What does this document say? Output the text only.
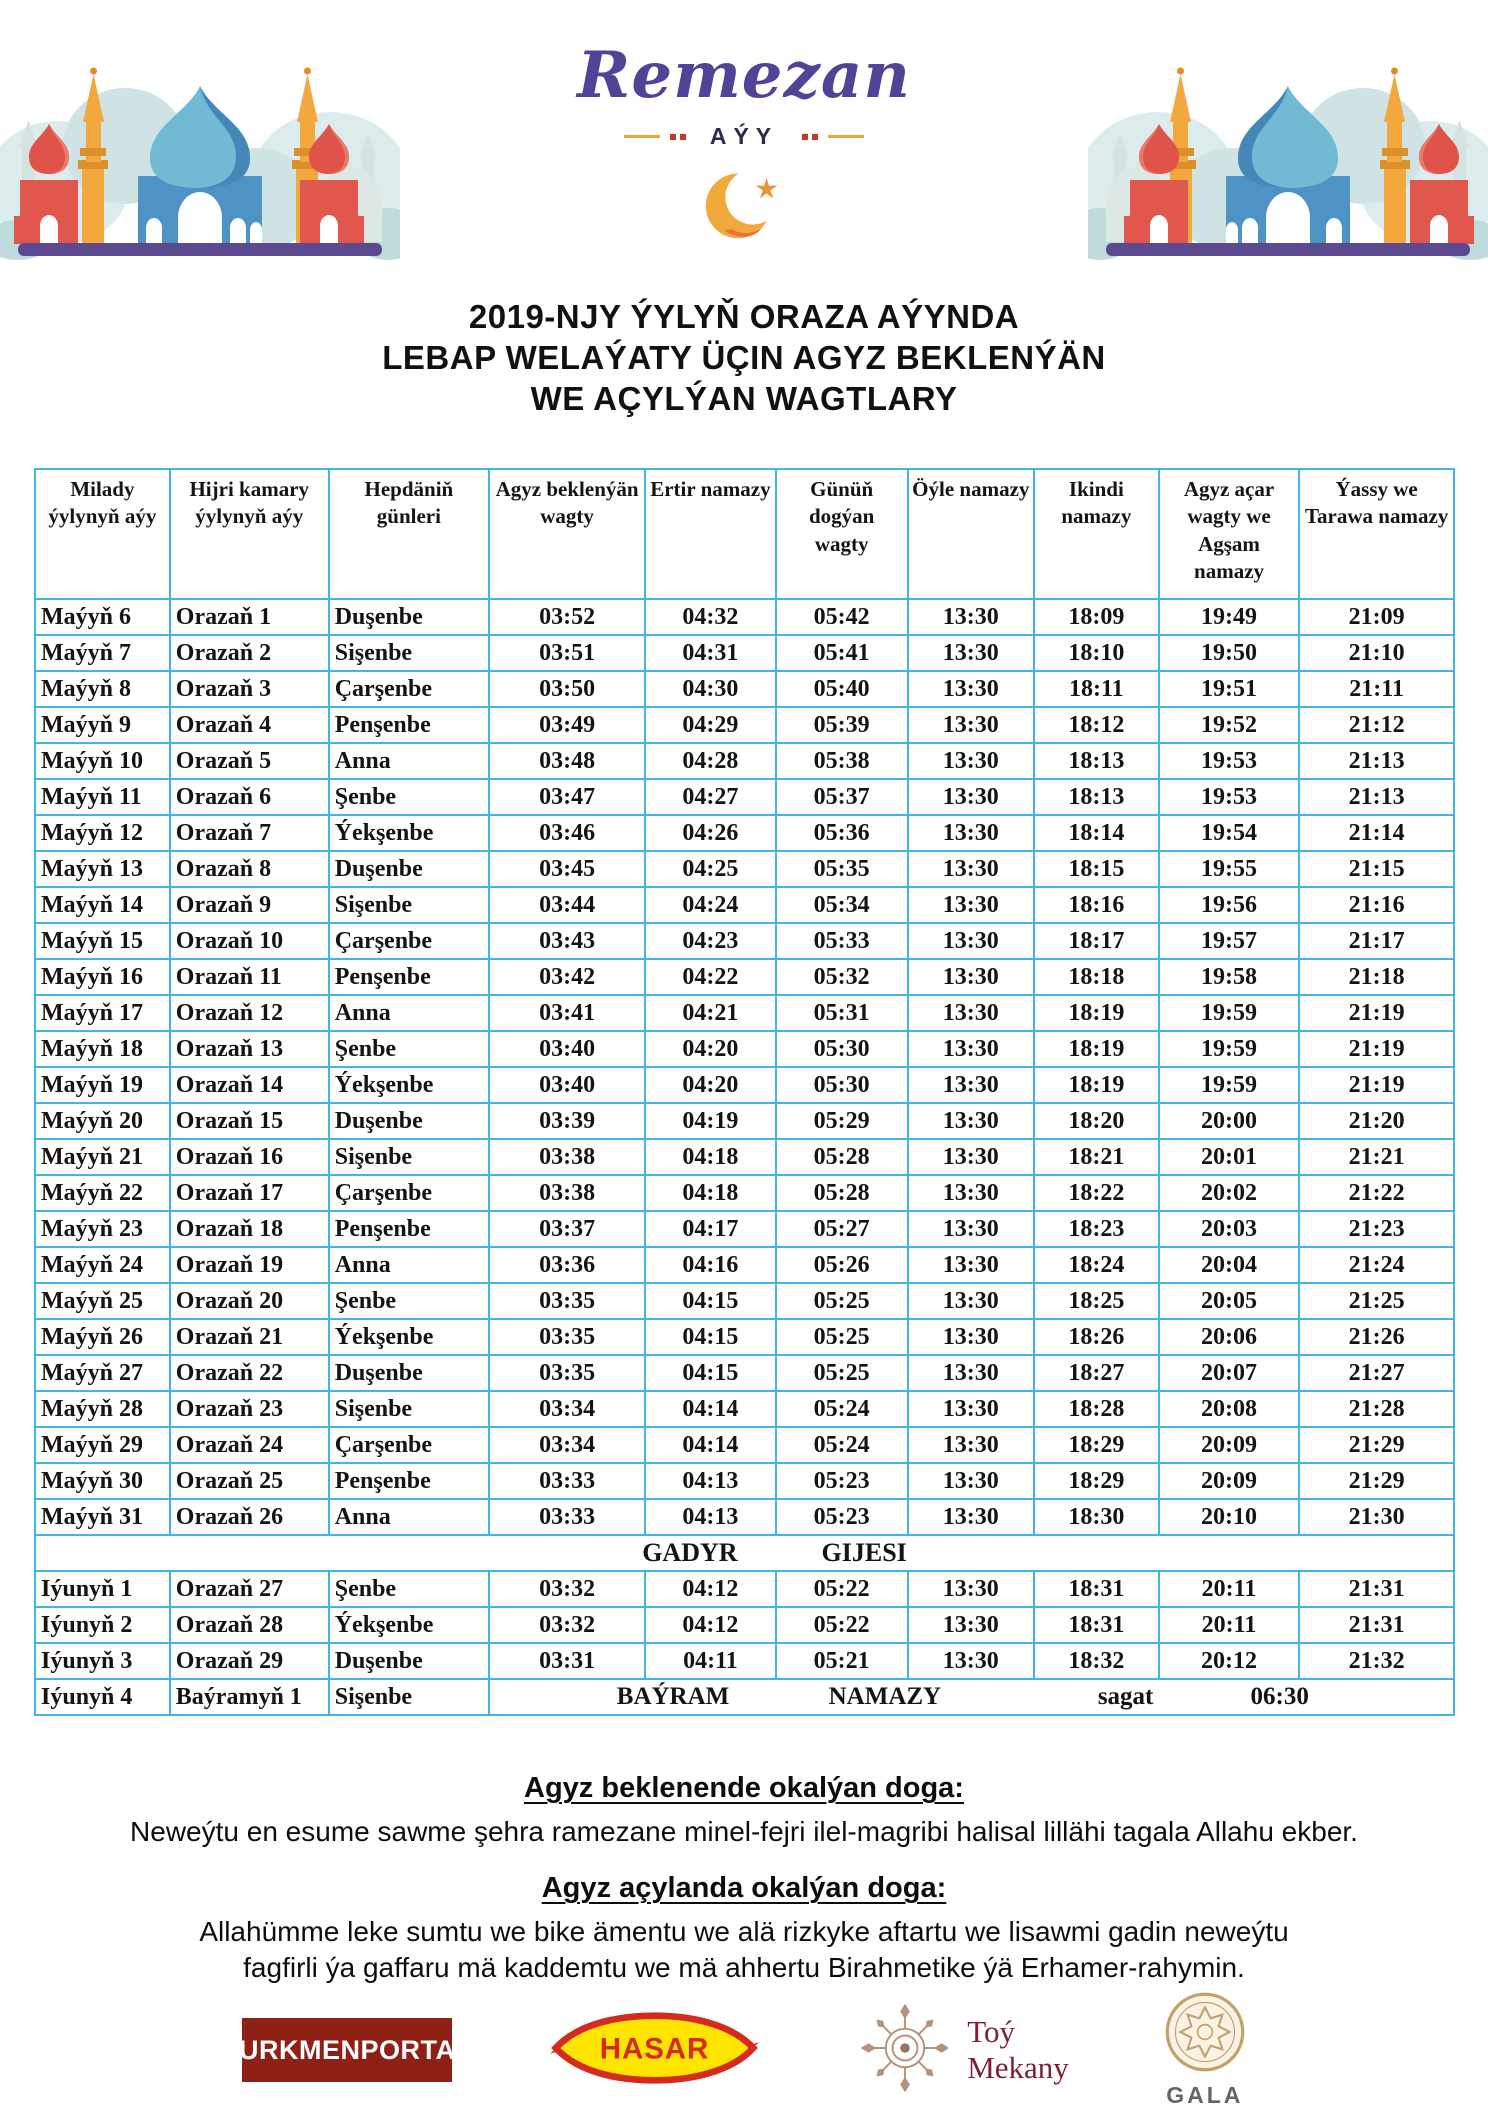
Remezan
AÝY
2019-NJY ÝYLYŇ ORAZA AÝYNDA
LEBAP WELAÝATY ÜÇIN AGYZ BEKLENÝÄN
WE AÇYLÝAN WAGTLARY
Milady ýylynyň aýy	Hijri kamary ýylynyň aýy	Hepdäniň günleri	Agyz beklenýän wagty	Ertir namazy	Günüň dogýan wagty	Öýle namazy	Ikindi namazy	Agyz açar wagty we Agşam namazy	Ýassy we Tarawa namazy
Maýyň 6	Orazaň 1	Duşenbe	03:52	04:32	05:42	13:30	18:09	19:49	21:09
Maýyň 7	Orazaň 2	Sişenbe	03:51	04:31	05:41	13:30	18:10	19:50	21:10
Maýyň 8	Orazaň 3	Çarşenbe	03:50	04:30	05:40	13:30	18:11	19:51	21:11
Maýyň 9	Orazaň 4	Penşenbe	03:49	04:29	05:39	13:30	18:12	19:52	21:12
Maýyň 10	Orazaň 5	Anna	03:48	04:28	05:38	13:30	18:13	19:53	21:13
Maýyň 11	Orazaň 6	Şenbe	03:47	04:27	05:37	13:30	18:13	19:53	21:13
Maýyň 12	Orazaň 7	Ýekşenbe	03:46	04:26	05:36	13:30	18:14	19:54	21:14
Maýyň 13	Orazaň 8	Duşenbe	03:45	04:25	05:35	13:30	18:15	19:55	21:15
Maýyň 14	Orazaň 9	Sişenbe	03:44	04:24	05:34	13:30	18:16	19:56	21:16
Maýyň 15	Orazaň 10	Çarşenbe	03:43	04:23	05:33	13:30	18:17	19:57	21:17
Maýyň 16	Orazaň 11	Penşenbe	03:42	04:22	05:32	13:30	18:18	19:58	21:18
Maýyň 17	Orazaň 12	Anna	03:41	04:21	05:31	13:30	18:19	19:59	21:19
Maýyň 18	Orazaň 13	Şenbe	03:40	04:20	05:30	13:30	18:19	19:59	21:19
Maýyň 19	Orazaň 14	Ýekşenbe	03:40	04:20	05:30	13:30	18:19	19:59	21:19
Maýyň 20	Orazaň 15	Duşenbe	03:39	04:19	05:29	13:30	18:20	20:00	21:20
Maýyň 21	Orazaň 16	Sişenbe	03:38	04:18	05:28	13:30	18:21	20:01	21:21
Maýyň 22	Orazaň 17	Çarşenbe	03:38	04:18	05:28	13:30	18:22	20:02	21:22
Maýyň 23	Orazaň 18	Penşenbe	03:37	04:17	05:27	13:30	18:23	20:03	21:23
Maýyň 24	Orazaň 19	Anna	03:36	04:16	05:26	13:30	18:24	20:04	21:24
Maýyň 25	Orazaň 20	Şenbe	03:35	04:15	05:25	13:30	18:25	20:05	21:25
Maýyň 26	Orazaň 21	Ýekşenbe	03:35	04:15	05:25	13:30	18:26	20:06	21:26
Maýyň 27	Orazaň 22	Duşenbe	03:35	04:15	05:25	13:30	18:27	20:07	21:27
Maýyň 28	Orazaň 23	Sişenbe	03:34	04:14	05:24	13:30	18:28	20:08	21:28
Maýyň 29	Orazaň 24	Çarşenbe	03:34	04:14	05:24	13:30	18:29	20:09	21:29
Maýyň 30	Orazaň 25	Penşenbe	03:33	04:13	05:23	13:30	18:29	20:09	21:29
Maýyň 31	Orazaň 26	Anna	03:33	04:13	05:23	13:30	18:30	20:10	21:30

GADYR GIJESI									

Iýunyň 1	Orazaň 27	Şenbe	03:32	04:12	05:22	13:30	18:31	20:11	21:31
Iýunyň 2	Orazaň 28	Ýekşenbe	03:32	04:12	05:22	13:30	18:31	20:11	21:31
Iýunyň 3	Orazaň 29	Duşenbe	03:31	04:11	05:21	13:30	18:32	20:12	21:32
Iýunyň 4	Baýramyň 1	Sişenbe	BAÝRAM NAMAZY sagat 06:30						
Agyz beklenende okalýan doga:
Neweýtu en esume sawme şehra ramezane minel-fejri ilel-magribi halisal lillähi tagala Allahu ekber.
Agyz açylanda okalýan doga:
Allahümme leke sumtu we bike ämentu we alä rizkyke aftartu we lisawmi gadin neweýtu
fagfirli ýa gaffaru mä kaddemtu we mä ahhertu Birahmetike ýä Erhamer-rahymin.
TURKMENPORTAL	HASAR	Toý
Mekany
GALA
